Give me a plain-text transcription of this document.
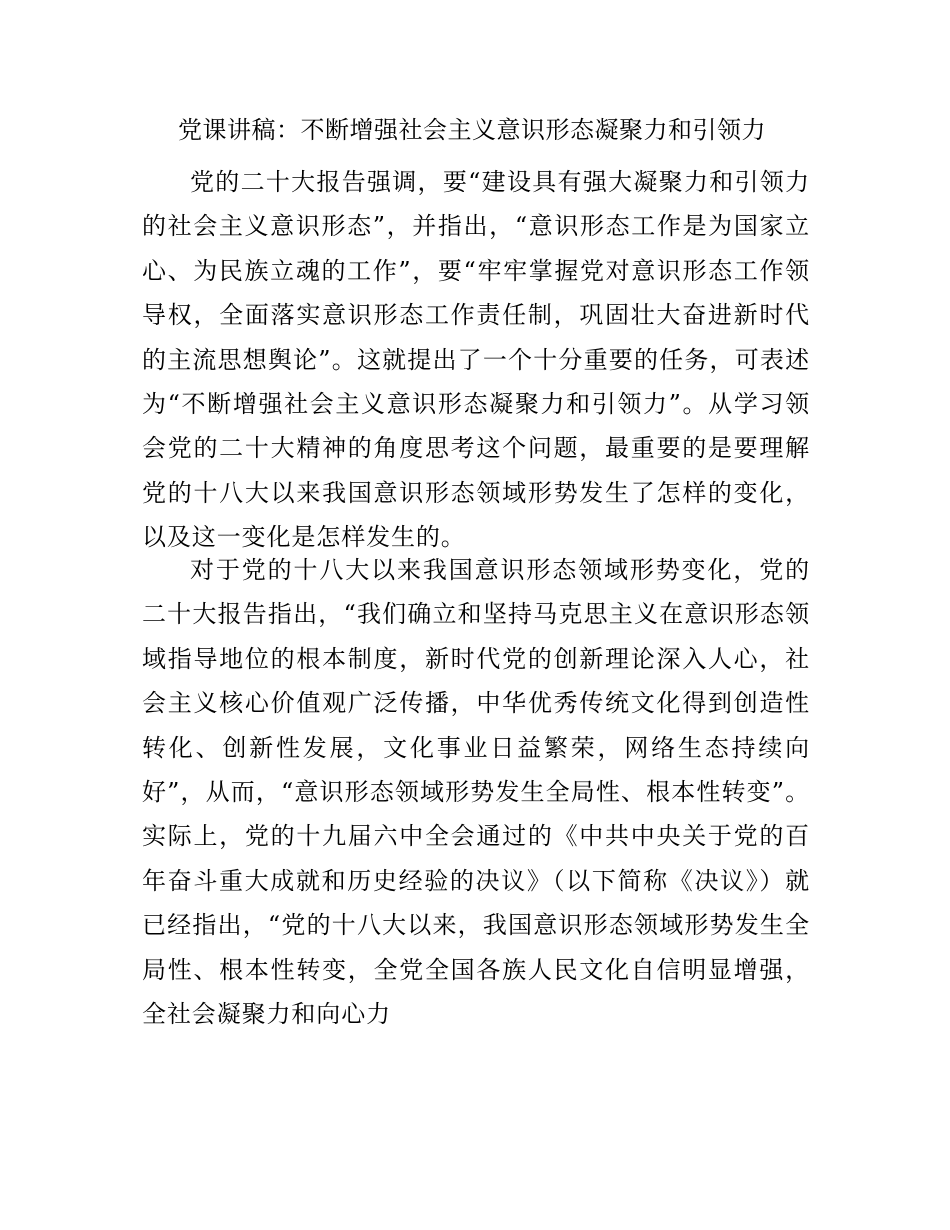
党课讲稿：不断增强社会主义意识形态凝聚力和引领力

党的二十大报告强调，要“建设具有强大凝聚力和引领力的社会主义意识形态”，并指出，“意识形态工作是为国家立心、为民族立魂的工作”，要“牢牢掌握党对意识形态工作领导权，全面落实意识形态工作责任制，巩固壮大奋进新时代的主流思想舆论”。这就提出了一个十分重要的任务，可表述为“不断增强社会主义意识形态凝聚力和引领力”。从学习领会党的二十大精神的角度思考这个问题，最重要的是要理解党的十八大以来我国意识形态领域形势发生了怎样的变化，以及这一变化是怎样发生的。

对于党的十八大以来我国意识形态领域形势变化，党的二十大报告指出，“我们确立和坚持马克思主义在意识形态领域指导地位的根本制度，新时代党的创新理论深入人心，社会主义核心价值观广泛传播，中华优秀传统文化得到创造性转化、创新性发展，文化事业日益繁荣，网络生态持续向好”，从而，“意识形态领域形势发生全局性、根本性转变”。实际上，党的十九届六中全会通过的《中共中央关于党的百年奋斗重大成就和历史经验的决议》（以下简称《决议》）就已经指出，“党的十八大以来，我国意识形态领域形势发生全局性、根本性转变，全党全国各族人民文化自信明显增强，全社会凝聚力和向心力
